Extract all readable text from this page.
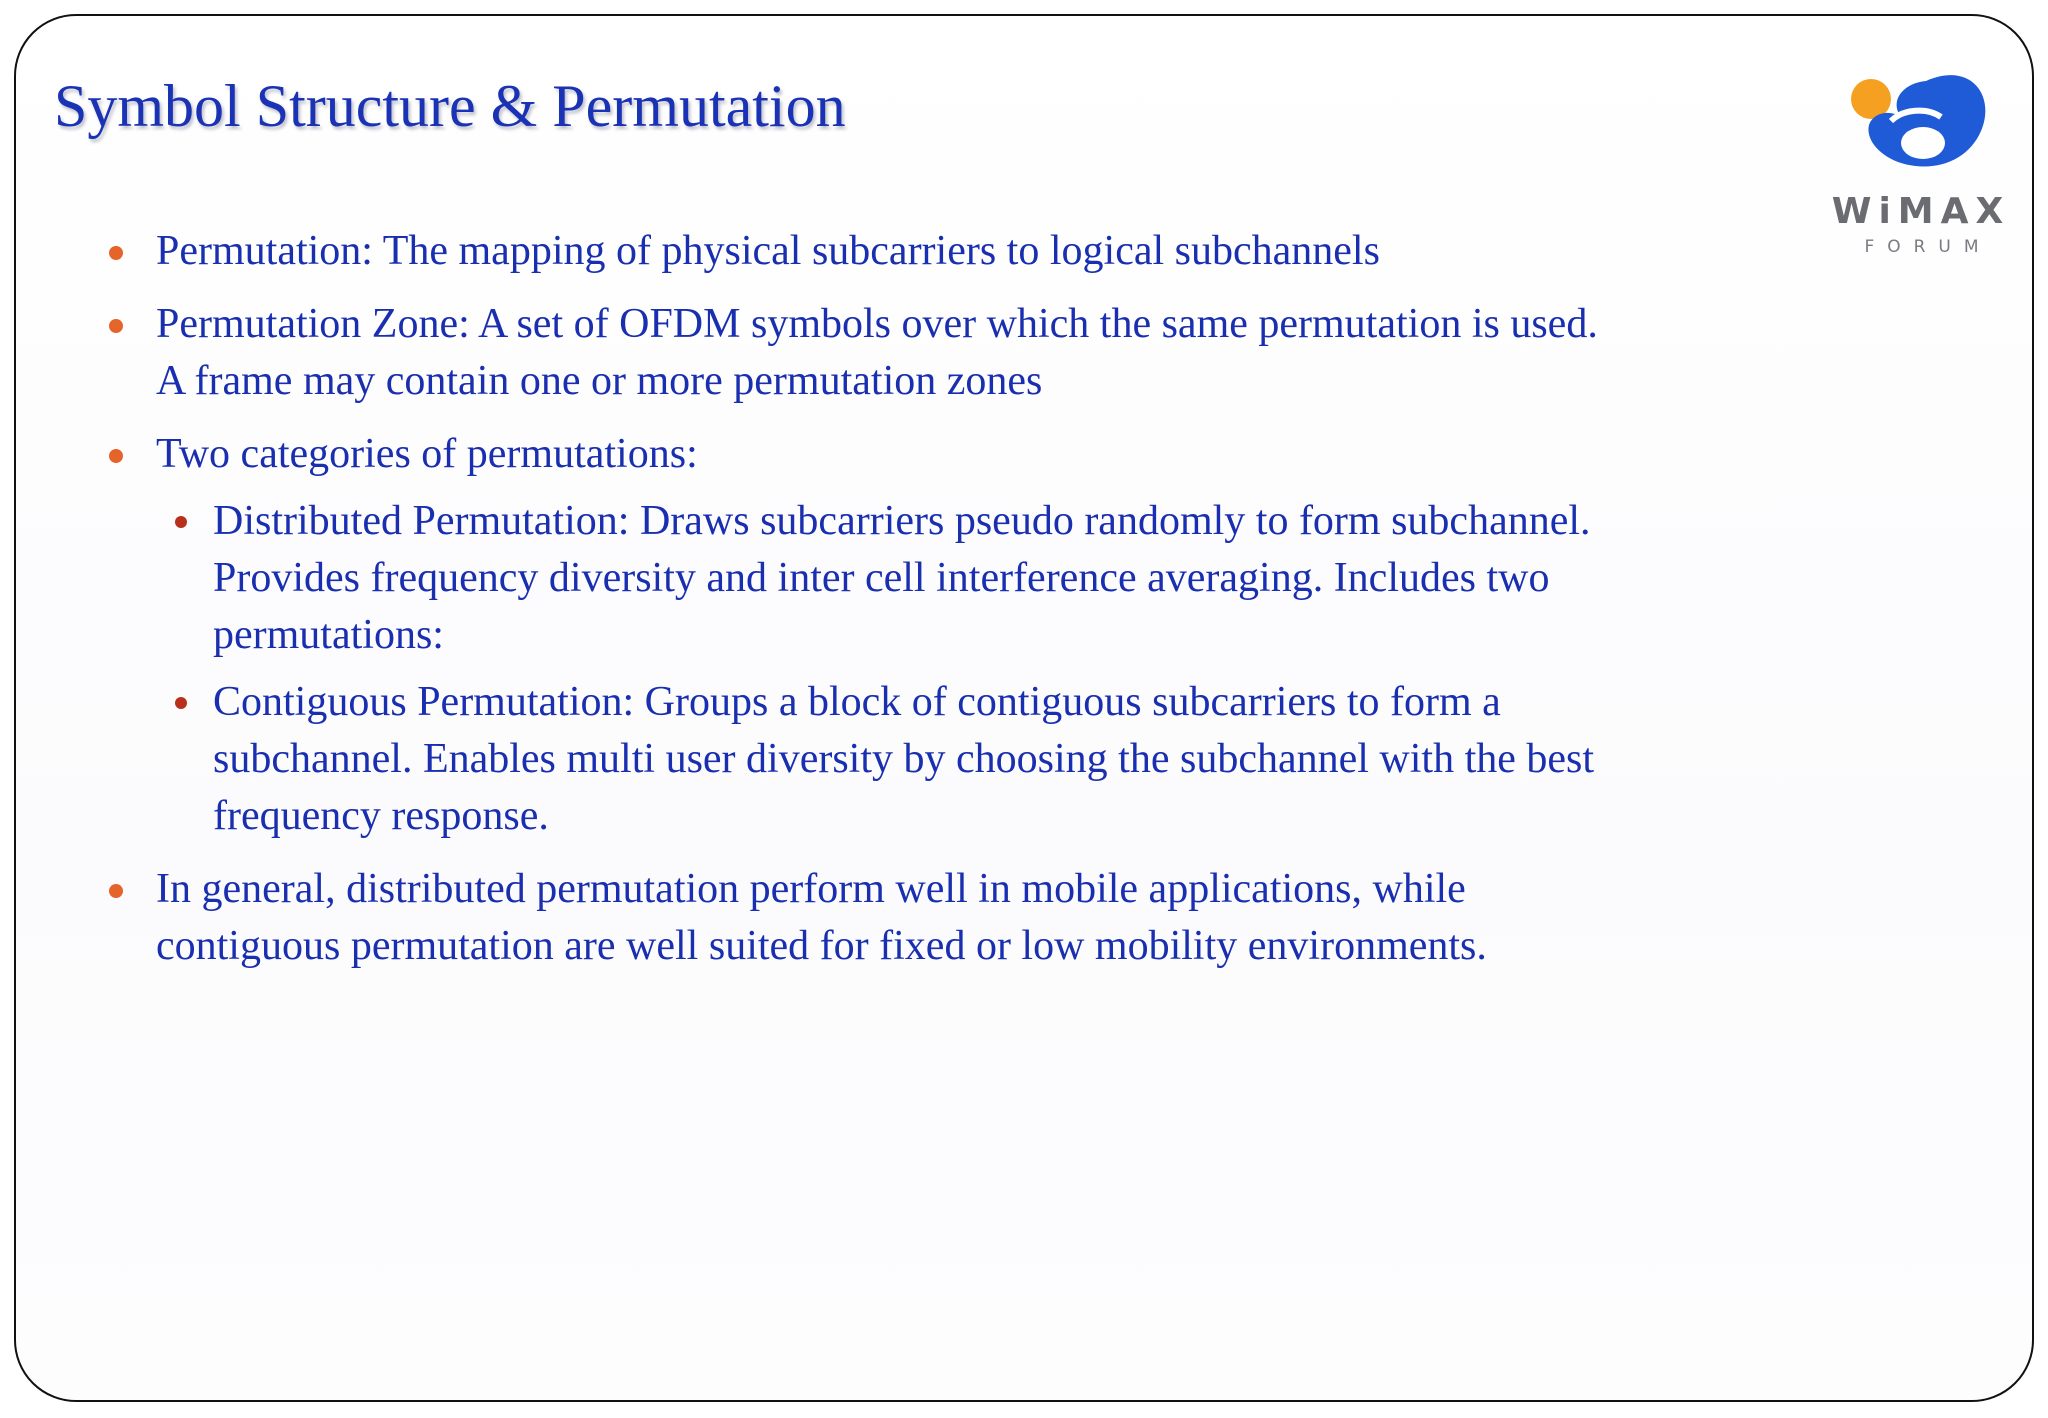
Symbol Structure & Permutation
WiMAX
FORUM
Permutation: The mapping of physical subcarriers to logical subchannels
Permutation Zone: A set of OFDM symbols over which the same permutation is used.
A frame may contain one or more permutation zones
Two categories of permutations:
Distributed Permutation: Draws subcarriers pseudo randomly to form subchannel.
Provides frequency diversity and inter cell interference averaging. Includes two
permutations:
Contiguous Permutation: Groups a block of contiguous subcarriers to form a
subchannel. Enables multi user diversity by choosing the subchannel with the best
frequency response.
In general, distributed permutation perform well in mobile applications, while
contiguous permutation are well suited for fixed or low mobility environments.
